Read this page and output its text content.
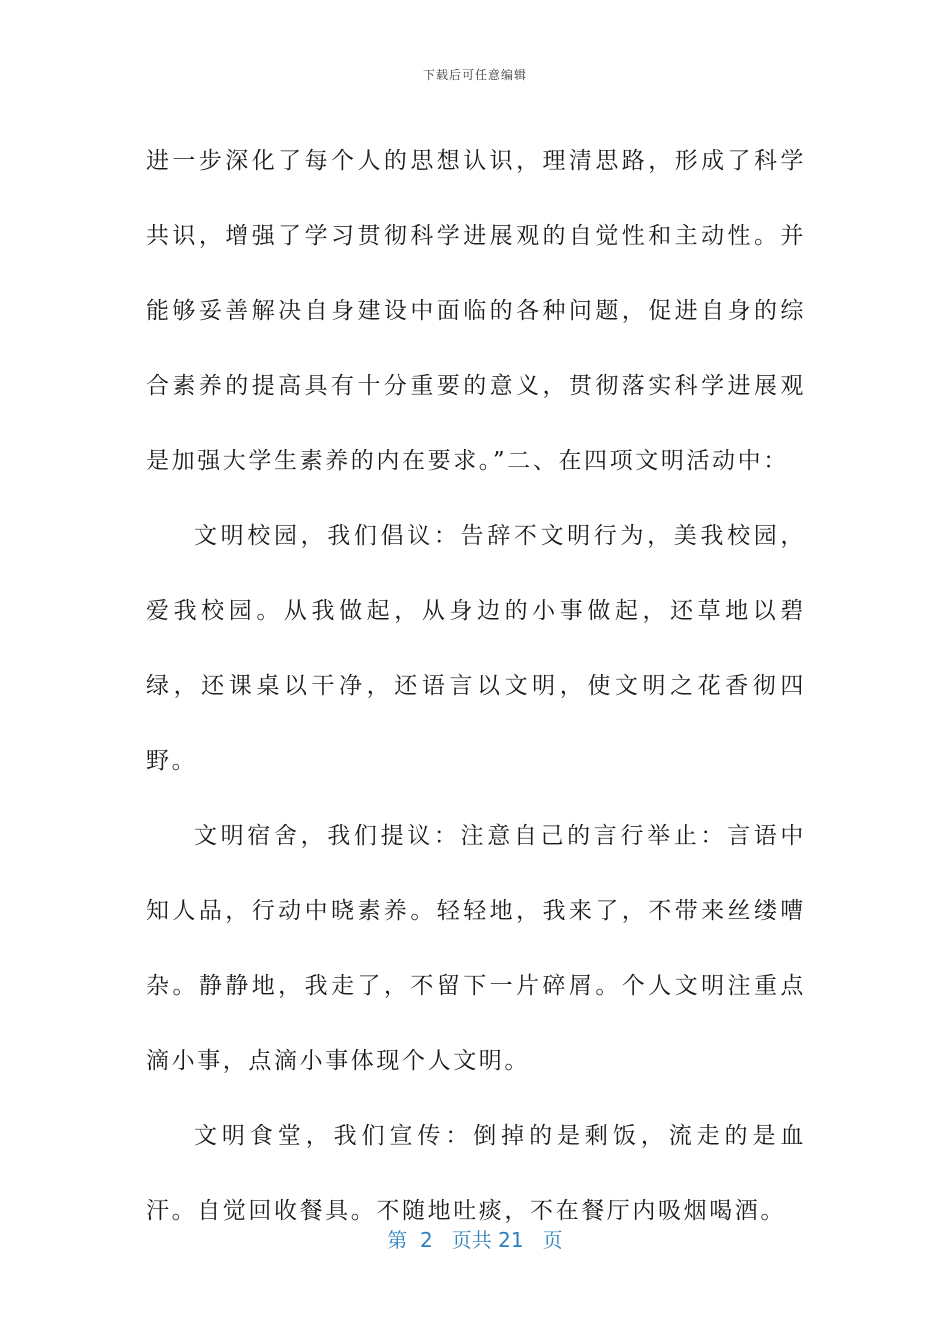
下载后可任意编辑

进一步深化了每个人的思想认识，理清思路，形成了科学共识，增强了学习贯彻科学进展观的自觉性和主动性。并能够妥善解决自身建设中面临的各种问题，促进自身的综合素养的提高具有十分重要的意义，贯彻落实科学进展观是加强大学生素养的内在要求。”二、在四项文明活动中：

文明校园，我们倡议：告辞不文明行为，美我校园，爱我校园。从我做起，从身边的小事做起，还草地以碧绿，还课桌以干净，还语言以文明，使文明之花香彻四野。

文明宿舍，我们提议：注意自己的言行举止：言语中知人品，行动中晓素养。轻轻地，我来了，不带来丝缕嘈杂。静静地，我走了，不留下一片碎屑。个人文明注重点滴小事，点滴小事体现个人文明。

文明食堂，我们宣传：倒掉的是剩饭，流走的是血汗。自觉回收餐具。不随地吐痰，不在餐厅内吸烟喝酒。

第  2   页共 21   页
